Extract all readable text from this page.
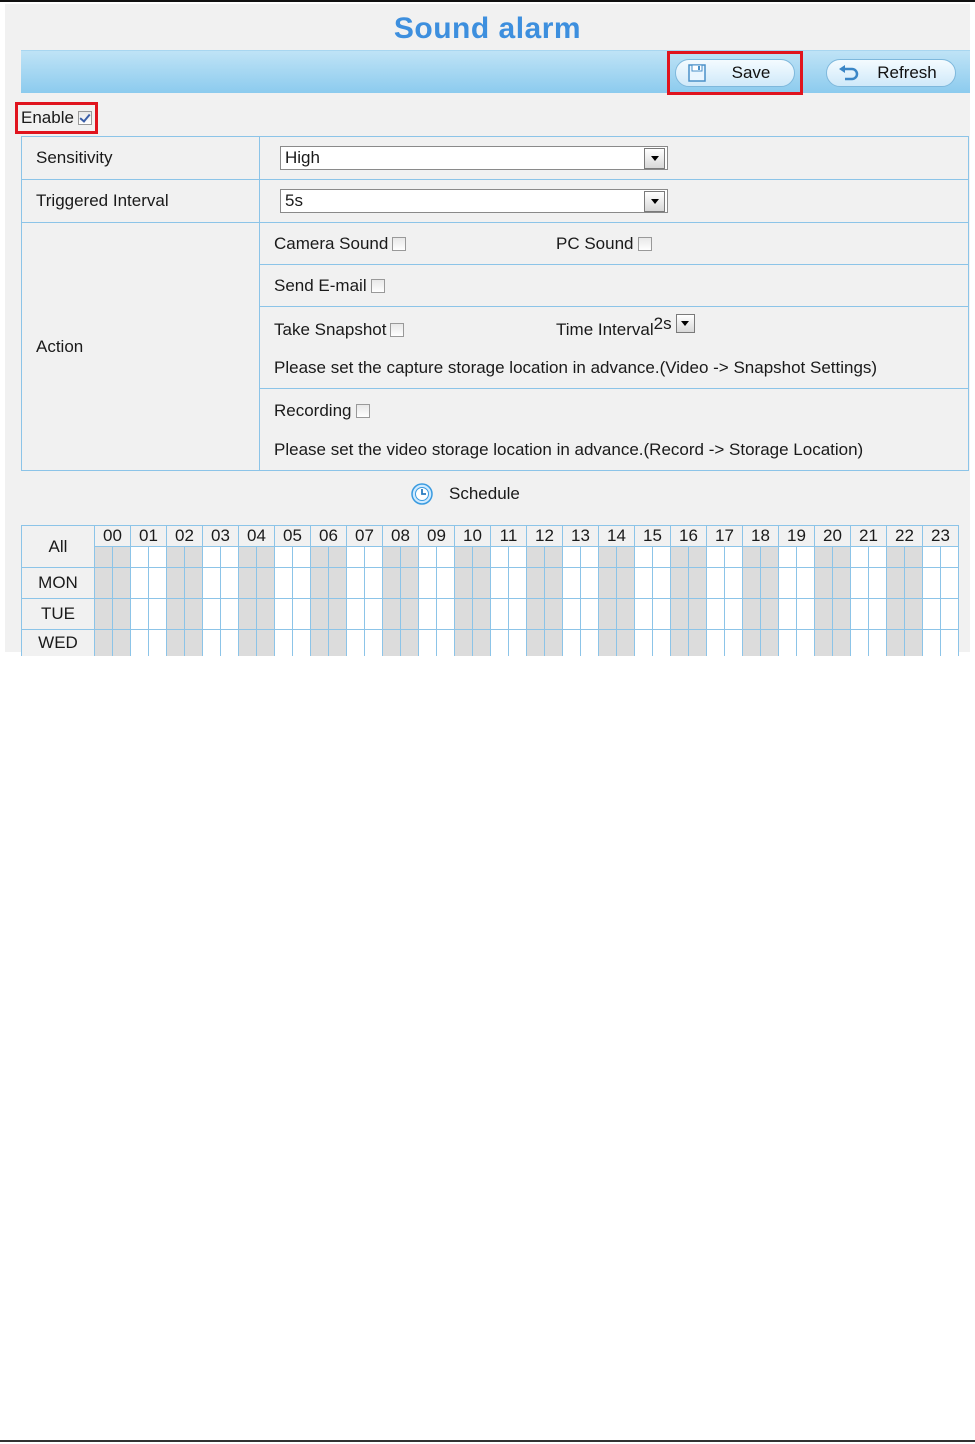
Sound alarm
Save	Refresh
Enable
Sensitivity	High

Triggered Interval	5s

Action	Camera Sound PC Sound

	Send E-mail

	Take Snapshot Time Interval 2s
Please set the capture storage location in advance.(Video -> Snapshot Settings)

	Recording
Please set the video storage location in advance.(Record -> Storage Location)
Schedule
All	00		01		02		03		04		05		06		07		08		09		10		11		12		13		14		15		16		17		18		19		20		21		22		23	

MON																																																
TUE																																																
WED																																																
